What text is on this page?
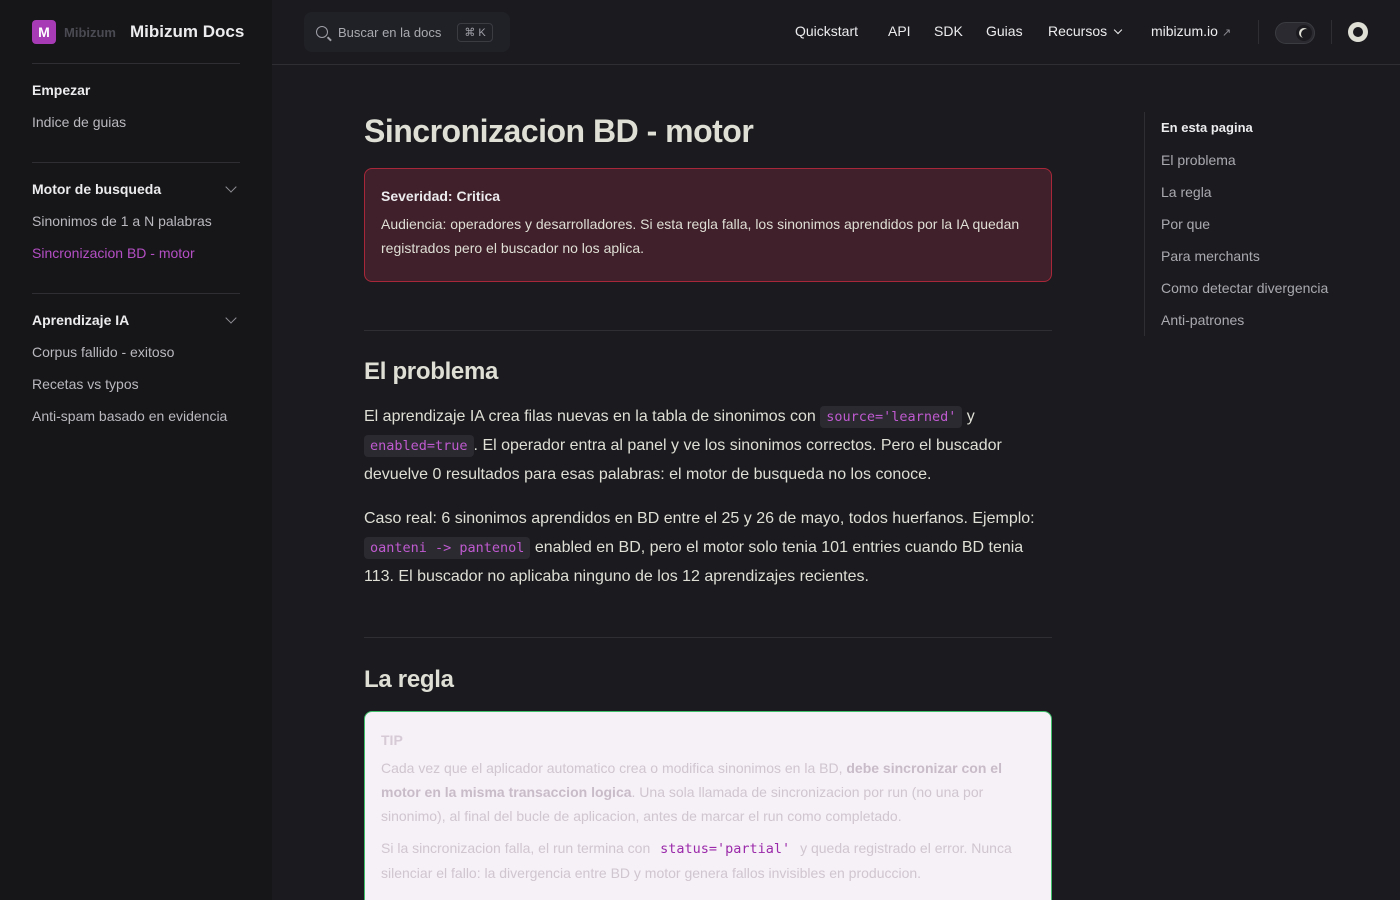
M	Mibizum Mibizum Docs
Empezar
Indice de guias
Motor de busqueda
Sinonimos de 1 a N palabras
Sincronizacion BD - motor
Aprendizaje IA
Corpus fallido - exitoso
Recetas vs typos
Anti-spam basado en evidencia
Buscar en la docs	⌘ K	Quickstart API SDK Guias Recursos	mibizum.io ↗
Sincronizacion BD - motor
Severidad: Critica
Audiencia: operadores y desarrolladores. Si esta regla falla, los sinonimos aprendidos por la IA quedan registrados pero el buscador no los aplica.
El problema

El aprendizaje IA crea filas nuevas en la tabla de sinonimos con source='learned' y enabled=true . El operador entra al panel y ve los sinonimos correctos. Pero el buscador devuelve 0 resultados para esas palabras: el motor de busqueda no los conoce.

Caso real: 6 sinonimos aprendidos en BD entre el 25 y 26 de mayo, todos huerfanos. Ejemplo: oanteni -> pantenol enabled en BD, pero el motor solo tenia 101 entries cuando BD tenia 113. El buscador no aplicaba ninguno de los 12 aprendizajes recientes.

La regla
TIP
Cada vez que el aplicador automatico crea o modifica sinonimos en la BD, debe sincronizar con el motor en la misma transaccion logica. Una sola llamada de sincronizacion por run (no una por sinonimo), al final del bucle de aplicacion, antes de marcar el run como completado.
Si la sincronizacion falla, el run termina con status='partial' y queda registrado el error. Nunca silenciar el fallo: la divergencia entre BD y motor genera fallos invisibles en produccion.
En esta pagina
El problema
La regla
Por que
Para merchants
Como detectar divergencia
Anti-patrones
